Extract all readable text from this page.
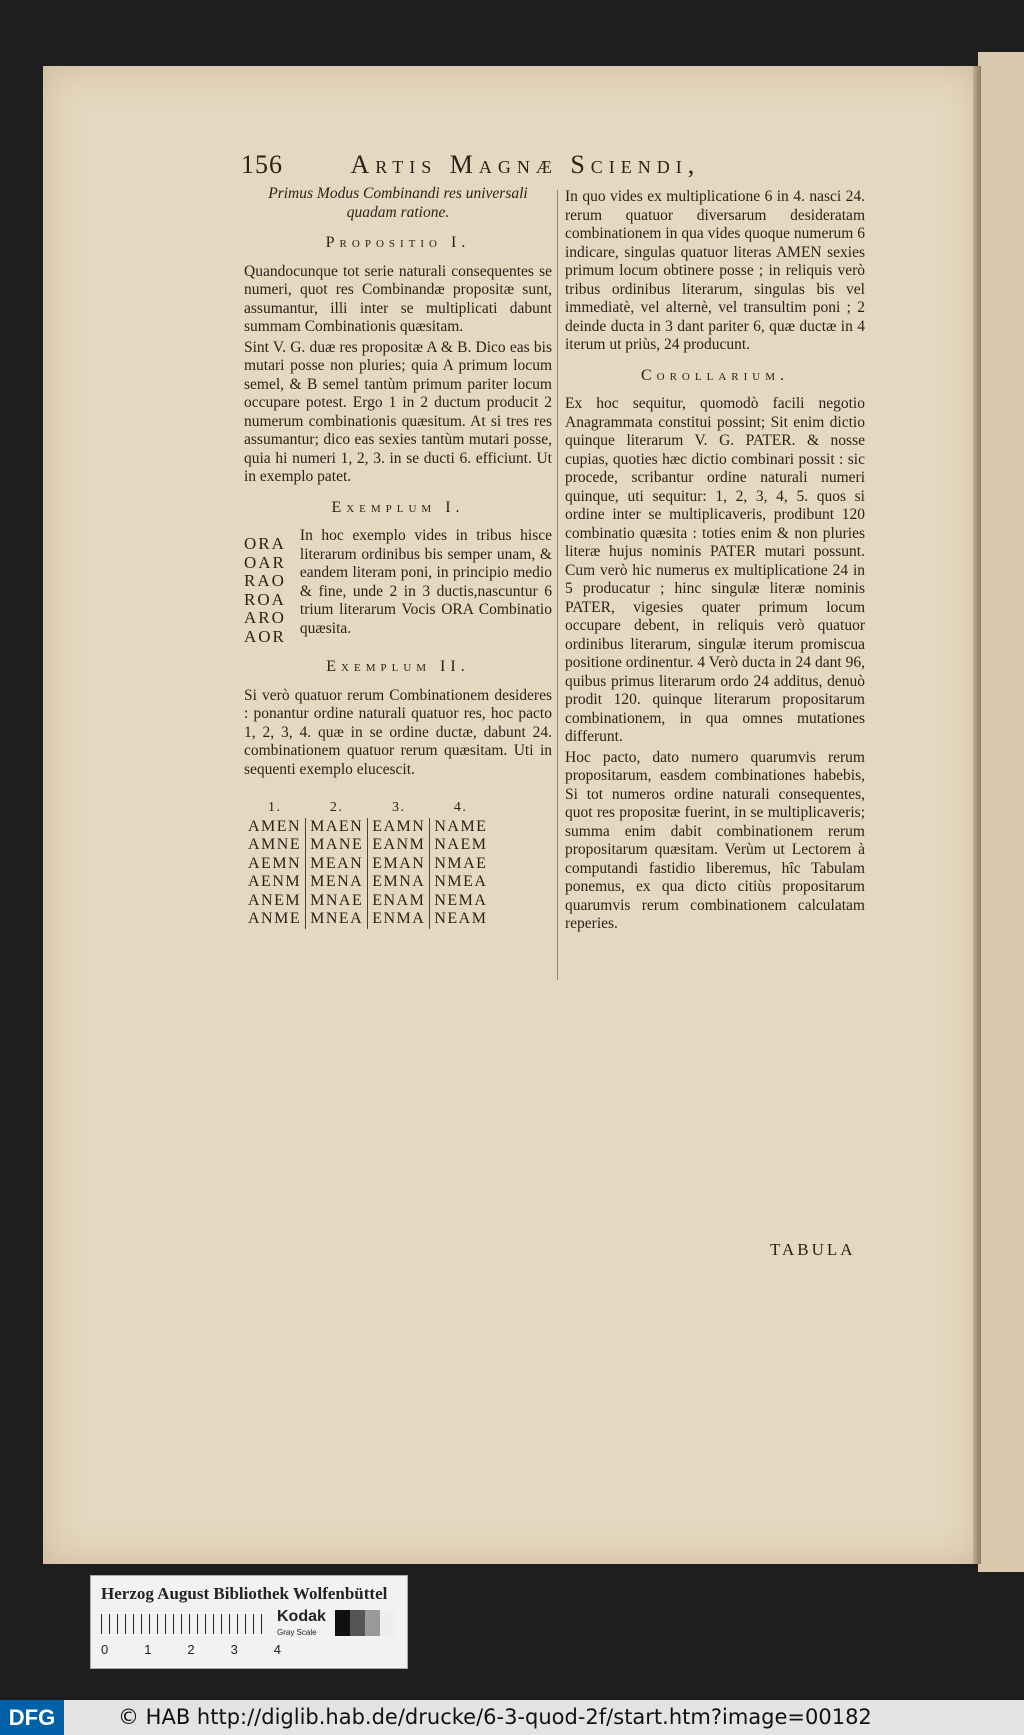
156	Artis Magnæ Sciendi,
Primus Modus Combinandi res universali quadam ratione.
Propositio I.

Quandocunque tot serie naturali consequentes se numeri, quot res Combinandæ propositæ sunt, assumantur, illi inter se multiplicati dabunt summam Combinationis quæsitam.

Sint V. G. duæ res propositæ A & B. Dico eas bis mutari posse non pluries; quia A primum locum semel, & B semel tantùm primum pariter locum occupare potest. Ergo 1 in 2 ductum producit 2 numerum combinationis quæsitum. At si tres res assumantur; dico eas sexies tantùm mutari posse, quia hi numeri 1, 2, 3. in se ducti 6. efficiunt. Ut in exemplo patet.

Exemplum I.
ORA
OAR
RAO
ROA
ARO
AOR
In hoc exemplo vides in tribus hisce literarum ordinibus bis semper unam, & eandem literam poni, in principio medio & fine, unde 2 in 3 ductis,nascuntur 6 trium literarum Vocis ORA Combinatio quæsita.
Exemplum II.

Si verò quatuor rerum Combinationem desideres : ponantur ordine naturali quatuor res, hoc pacto 1, 2, 3, 4. quæ in se ordine ductæ, dabunt 24. combinationem quatuor rerum quæsitam. Uti in sequenti exemplo elucescit.

1.	2.	3.	4.
AMEN	MAEN	EAMN	NAME
AMNE	MANE	EANM	NAEM
AEMN	MEAN	EMAN	NMAE
AENM	MENA	EMNA	NMEA
ANEM	MNAE	ENAM	NEMA
ANME	MNEA	ENMA	NEAM

In quo vides ex multiplicatione 6 in 4. nasci 24. rerum quatuor diversarum desideratam combinationem in qua vides quoque numerum 6 indicare, singulas quatuor literas AMEN sexies primum locum obtinere posse ; in reliquis verò tribus ordinibus literarum, singulas bis vel immediatè, vel alternè, vel transultim poni ; 2 deinde ducta in 3 dant pariter 6, quæ ductæ in 4 iterum ut priùs, 24 producunt.

Corollarium.

Ex hoc sequitur, quomodò facili negotio Anagrammata constitui possint; Sit enim dictio quinque literarum V. G. PATER. & nosse cupias, quoties hæc dictio combinari possit : sic procede, scribantur ordine naturali numeri quinque, uti sequitur: 1, 2, 3, 4, 5. quos si ordine inter se multiplicaveris, prodibunt 120 combinatio quæsita : toties enim & non pluries literæ hujus nominis PATER mutari possunt. Cum verò hic numerus ex multiplicatione 24 in 5 producatur ; hinc singulæ literæ nominis PATER, vigesies quater primum locum occupare debent, in reliquis verò quatuor ordinibus literarum, singulæ iterum promiscua positione ordinentur. 4 Verò ducta in 24 dant 96, quibus primus literarum ordo 24 additus, denuò prodit 120. quinque literarum propositarum combinationem, in qua omnes mutationes differunt.

Hoc pacto, dato numero quarumvis rerum propositarum, easdem combinationes habebis, Si tot numeros ordine naturali consequentes, quot res propositæ fuerint, in se multiplicaveris; summa enim dabit combinationem rerum propositarum quæsitam. Verùm ut Lectorem à computandi fastidio liberemus, hîc Tabulam ponemus, ex qua dicto citiùs propositarum quarumvis rerum combinationem calculatam reperies.

TABULA
Herzog August Bibliothek Wolfenbüttel
0	1	2	3	4
Kodak
Gray Scale
DFG	© HAB http://diglib.hab.de/drucke/6-3-quod-2f/start.htm?image=00182
